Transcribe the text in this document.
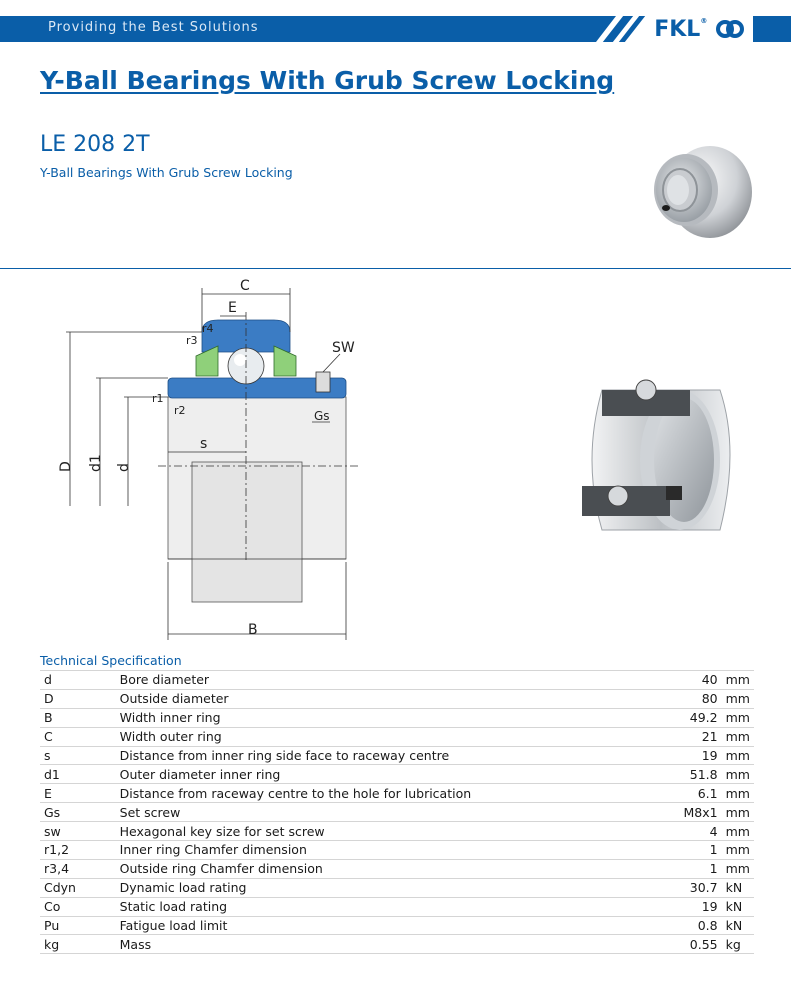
Providing the Best Solutions	FKL®
Y-Ball Bearings With Grub Screw Locking
LE 208 2T
Y-Ball Bearings With Grub Screw Locking
C
E
r4
r3	SW
r1
r2	Gs
s
D d1 d
B
Technical Specification
d	Bore diameter	40	mm
D	Outside diameter	80	mm
B	Width inner ring	49.2	mm
C	Width outer ring	21	mm
s	Distance from inner ring side face to raceway centre	19	mm
d1	Outer diameter inner ring	51.8	mm
E	Distance from raceway centre to the hole for lubrication	6.1	mm
Gs	Set screw	M8x1	mm
sw	Hexagonal key size for set screw	4	mm
r1,2	Inner ring Chamfer dimension	1	mm
r3,4	Outside ring Chamfer dimension	1	mm
Cdyn	Dynamic load rating	30.7	kN
Co	Static load rating	19	kN
Pu	Fatigue load limit	0.8	kN
kg	Mass	0.55	kg
